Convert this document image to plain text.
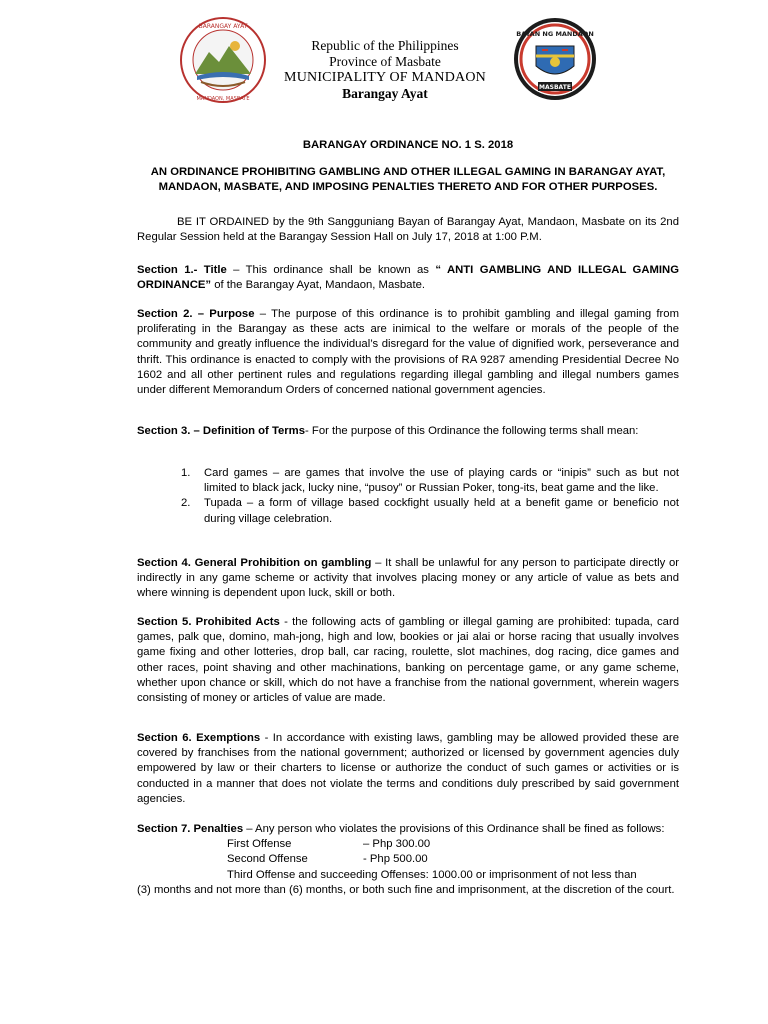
BARANGAY AYAT
MANDAON, MASBATE
Republic of the Philippines
Province of Masbate
MUNICIPALITY OF MANDAON
Barangay Ayat
BAYAN NG MANDAON
MASBATE
BARANGAY ORDINANCE NO. 1 S. 2018
AN ORDINANCE PROHIBITING GAMBLING AND OTHER ILLEGAL GAMING IN BARANGAY AYAT, MANDAON, MASBATE, AND IMPOSING PENALTIES THERETO AND FOR OTHER PURPOSES.

BE IT ORDAINED by the 9th Sangguniang Bayan of Barangay Ayat, Mandaon, Masbate on its 2nd Regular Session held at the Barangay Session Hall on July 17, 2018 at 1:00 P.M.

Section 1.- Title – This ordinance shall be known as “ ANTI GAMBLING AND ILLEGAL GAMING ORDINANCE” of the Barangay Ayat, Mandaon, Masbate.

Section 2. – Purpose – The purpose of this ordinance is to prohibit gambling and illegal gaming from proliferating in the Barangay as these acts are inimical to the welfare or morals of the people of the community and greatly influence the individual’s disregard for the value of dignified work, perseverance and thrift. This ordinance is enacted to comply with the provisions of RA 9287 amending Presidential Decree No 1602 and all other pertinent rules and regulations regarding illegal gambling and illegal numbers games under different Memorandum Orders of concerned national government agencies.

Section 3. – Definition of Terms- For the purpose of this Ordinance the following terms shall mean:

1.	Card games – are games that involve the use of playing cards or “inipis” such as but not limited to black jack, lucky nine, “pusoy” or Russian Poker, tong-its, beat game and the like.
2.	Tupada – a form of village based cockfight usually held at a benefit game or beneficio not during village celebration.

Section 4. General Prohibition on gambling – It shall be unlawful for any person to participate directly or indirectly in any game scheme or activity that involves placing money or any article of value as bets and where winning is dependent upon luck, skill or both.

Section 5. Prohibited Acts - the following acts of gambling or illegal gaming are prohibited: tupada, card games, palk que, domino, mah-jong, high and low, bookies or jai alai or horse racing that usually involves game fixing and other lotteries, drop ball, car racing, roulette, slot machines, dog racing, dice games and other races, point shaving and other machinations, banking on percentage game, or any game scheme, whether upon chance or skill, which do not have a franchise from the national government, wherein wagers consisting of money or articles of value are made.

Section 6. Exemptions - In accordance with existing laws, gambling may be allowed provided these are covered by franchises from the national government; authorized or licensed by government agencies duly empowered by law or their charters to license or authorize the conduct of such games or activities or is conducted in a manner that does not violate the terms and conditions duly prescribed by said government agencies.

Section 7. Penalties – Any person who violates the provisions of this Ordinance shall be fined as follows:

First Offense	– Php 300.00
Second Offense	- Php 500.00
Third Offense and succeeding Offenses: 1000.00 or imprisonment of not less than

(3) months and not more than (6) months, or both such fine and imprisonment, at the discretion of the court.
